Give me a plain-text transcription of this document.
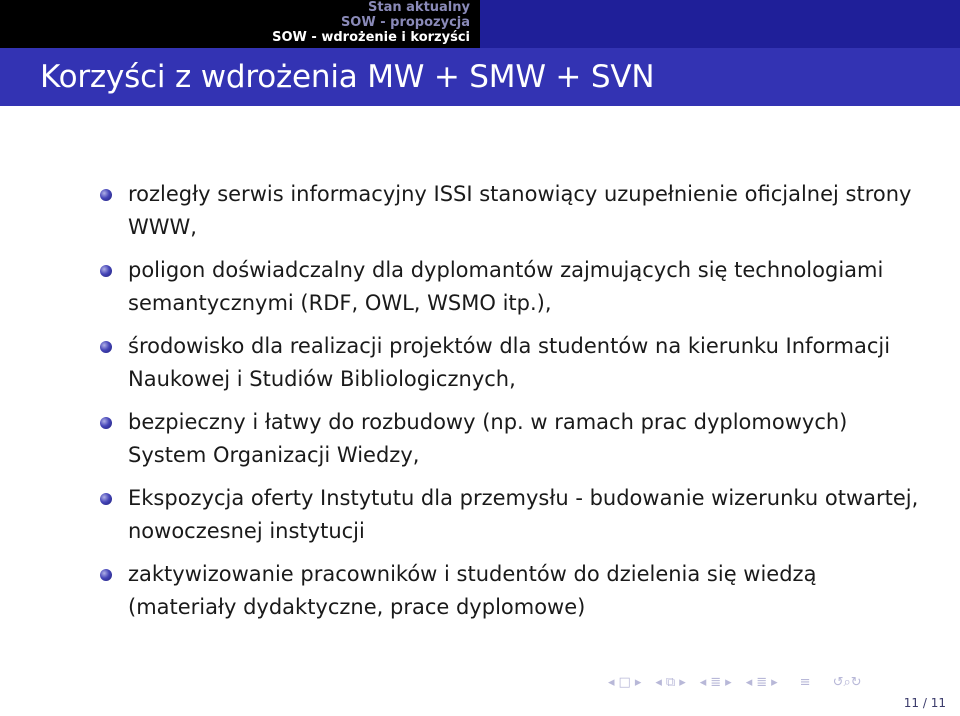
Stan aktualny
SOW - propozycja
SOW - wdrożenie i korzyści
Korzyści z wdrożenia MW + SMW + SVN
rozległy serwis informacyjny ISSI stanowiący uzupełnienie oficjalnej strony WWW,
poligon doświadczalny dla dyplomantów zajmujących się technologiami semantycznymi (RDF, OWL, WSMO itp.),
środowisko dla realizacji projektów dla studentów na kierunku Informacji Naukowej i Studiów Bibliologicznych,
bezpieczny i łatwy do rozbudowy (np. w ramach prac dyplomowych) System Organizacji Wiedzy,
Ekspozycja oferty Instytutu dla przemysłu - budowanie wizerunku otwartej, nowoczesnej instytucji
zaktywizowanie pracowników i studentów do dzielenia się wiedzą (materiały dydaktyczne, prace dyplomowe)
◂ □ ▸ ◂ ⧉ ▸ ◂ ≣ ▸ ◂ ≣ ▸ ≡ ↺⌕↻
11 / 11
